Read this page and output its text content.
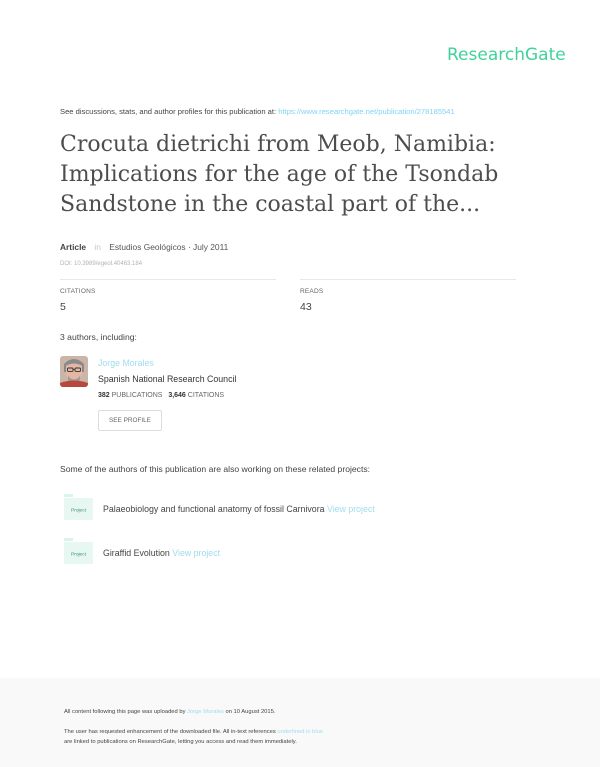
ResearchGate
See discussions, stats, and author profiles for this publication at: https://www.researchgate.net/publication/278185541
Crocuta dietrichi from Meob, Namibia: Implications for the age of the Tsondab Sandstone in the coastal part of the...
Article in Estudios Geológicos · July 2011
DOI: 10.3989/egeol.40463.184
CITATIONS
5
READS
43
3 authors, including:
Jorge Morales
Spanish National Research Council
382 PUBLICATIONS 3,646 CITATIONS
SEE PROFILE
Some of the authors of this publication are also working on these related projects:
Project Palaeobiology and functional anatomy of fossil Carnivora View project
Project Giraffid Evolution View project
All content following this page was uploaded by Jorge Morales on 10 August 2015.
The user has requested enhancement of the downloaded file. All in-text references underlined in blue
are linked to publications on ResearchGate, letting you access and read them immediately.
